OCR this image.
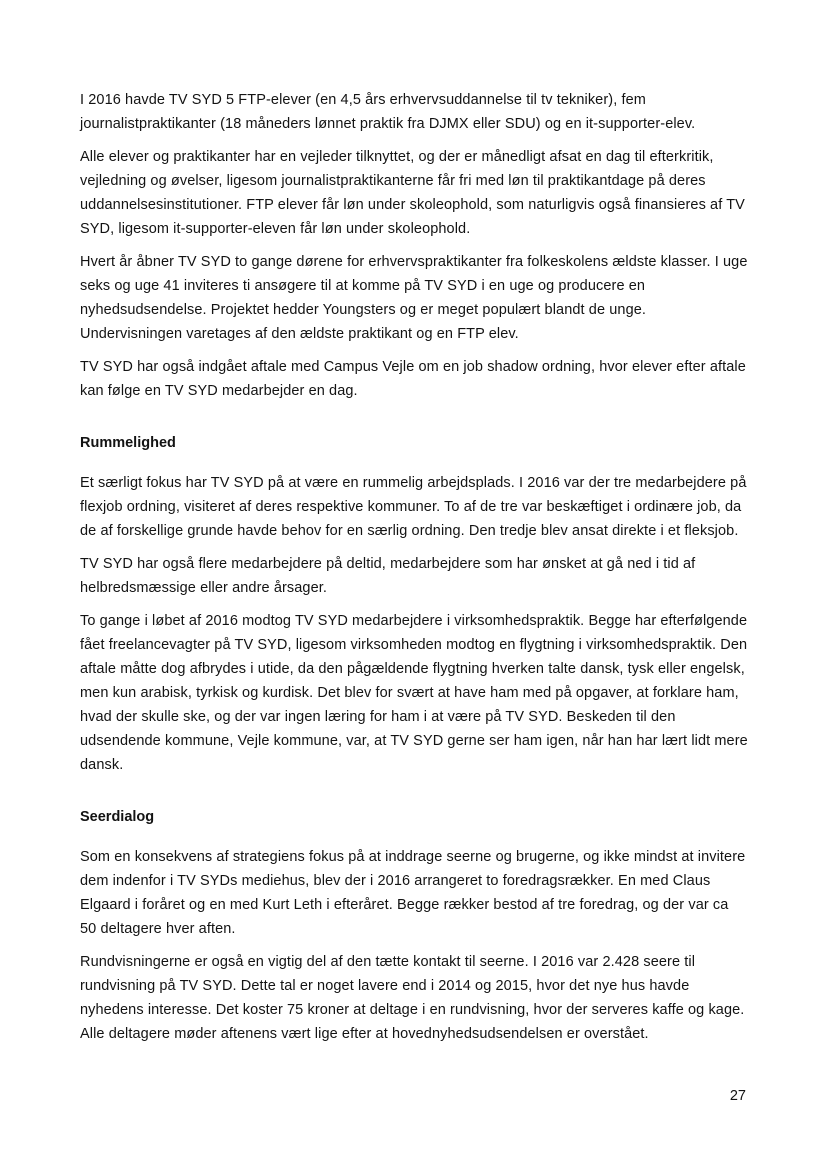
I 2016 havde TV SYD 5 FTP-elever (en 4,5 års erhvervsuddannelse til tv tekniker), fem journalistpraktikanter (18 måneders lønnet praktik fra DJMX eller SDU) og en it-supporter-elev.

Alle elever og praktikanter har en vejleder tilknyttet, og der er månedligt afsat en dag til efterkritik, vejledning og øvelser, ligesom journalistpraktikanterne får fri med løn til praktikantdage på deres uddannelsesinstitutioner. FTP elever får løn under skoleophold, som naturligvis også finansieres af TV SYD, ligesom it-supporter-eleven får løn under skoleophold.

Hvert år åbner TV SYD to gange dørene for erhvervspraktikanter fra folkeskolens ældste klasser. I uge seks og uge 41 inviteres ti ansøgere til at komme på TV SYD i en uge og producere en nyhedsudsendelse. Projektet hedder Youngsters og er meget populært blandt de unge. Undervisningen varetages af den ældste praktikant og en FTP elev.

TV SYD har også indgået aftale med Campus Vejle om en job shadow ordning, hvor elever efter aftale kan følge en TV SYD medarbejder en dag.

Rummelighed

Et særligt fokus har TV SYD på at være en rummelig arbejdsplads. I 2016 var der tre medarbejdere på flexjob ordning, visiteret af deres respektive kommuner. To af de tre var beskæftiget i ordinære job, da de af forskellige grunde havde behov for en særlig ordning. Den tredje blev ansat direkte i et fleksjob.

TV SYD har også flere medarbejdere på deltid, medarbejdere som har ønsket at gå ned i tid af helbredsmæssige eller andre årsager.

To gange i løbet af 2016 modtog TV SYD medarbejdere i virksomhedspraktik. Begge har efterfølgende fået freelancevagter på TV SYD, ligesom virksomheden modtog en flygtning i virksomhedspraktik. Den aftale måtte dog afbrydes i utide, da den pågældende flygtning hverken talte dansk, tysk eller engelsk, men kun arabisk, tyrkisk og kurdisk. Det blev for svært at have ham med på opgaver, at forklare ham, hvad der skulle ske, og der var ingen læring for ham i at være på TV SYD. Beskeden til den udsendende kommune, Vejle kommune, var, at TV SYD gerne ser ham igen, når han har lært lidt mere dansk.

Seerdialog

Som en konsekvens af strategiens fokus på at inddrage seerne og brugerne, og ikke mindst at invitere dem indenfor i TV SYDs mediehus, blev der i 2016 arrangeret to foredragsrækker. En med Claus Elgaard i foråret og en med Kurt Leth i efteråret. Begge rækker bestod af tre foredrag, og der var ca 50 deltagere hver aften.

Rundvisningerne er også en vigtig del af den tætte kontakt til seerne. I 2016 var 2.428 seere til rundvisning på TV SYD. Dette tal er noget lavere end i 2014 og 2015, hvor det nye hus havde nyhedens interesse. Det koster 75 kroner at deltage i en rundvisning, hvor der serveres kaffe og kage. Alle deltagere møder aftenens vært lige efter at hovednyhedsudsendelsen er overstået.

27
